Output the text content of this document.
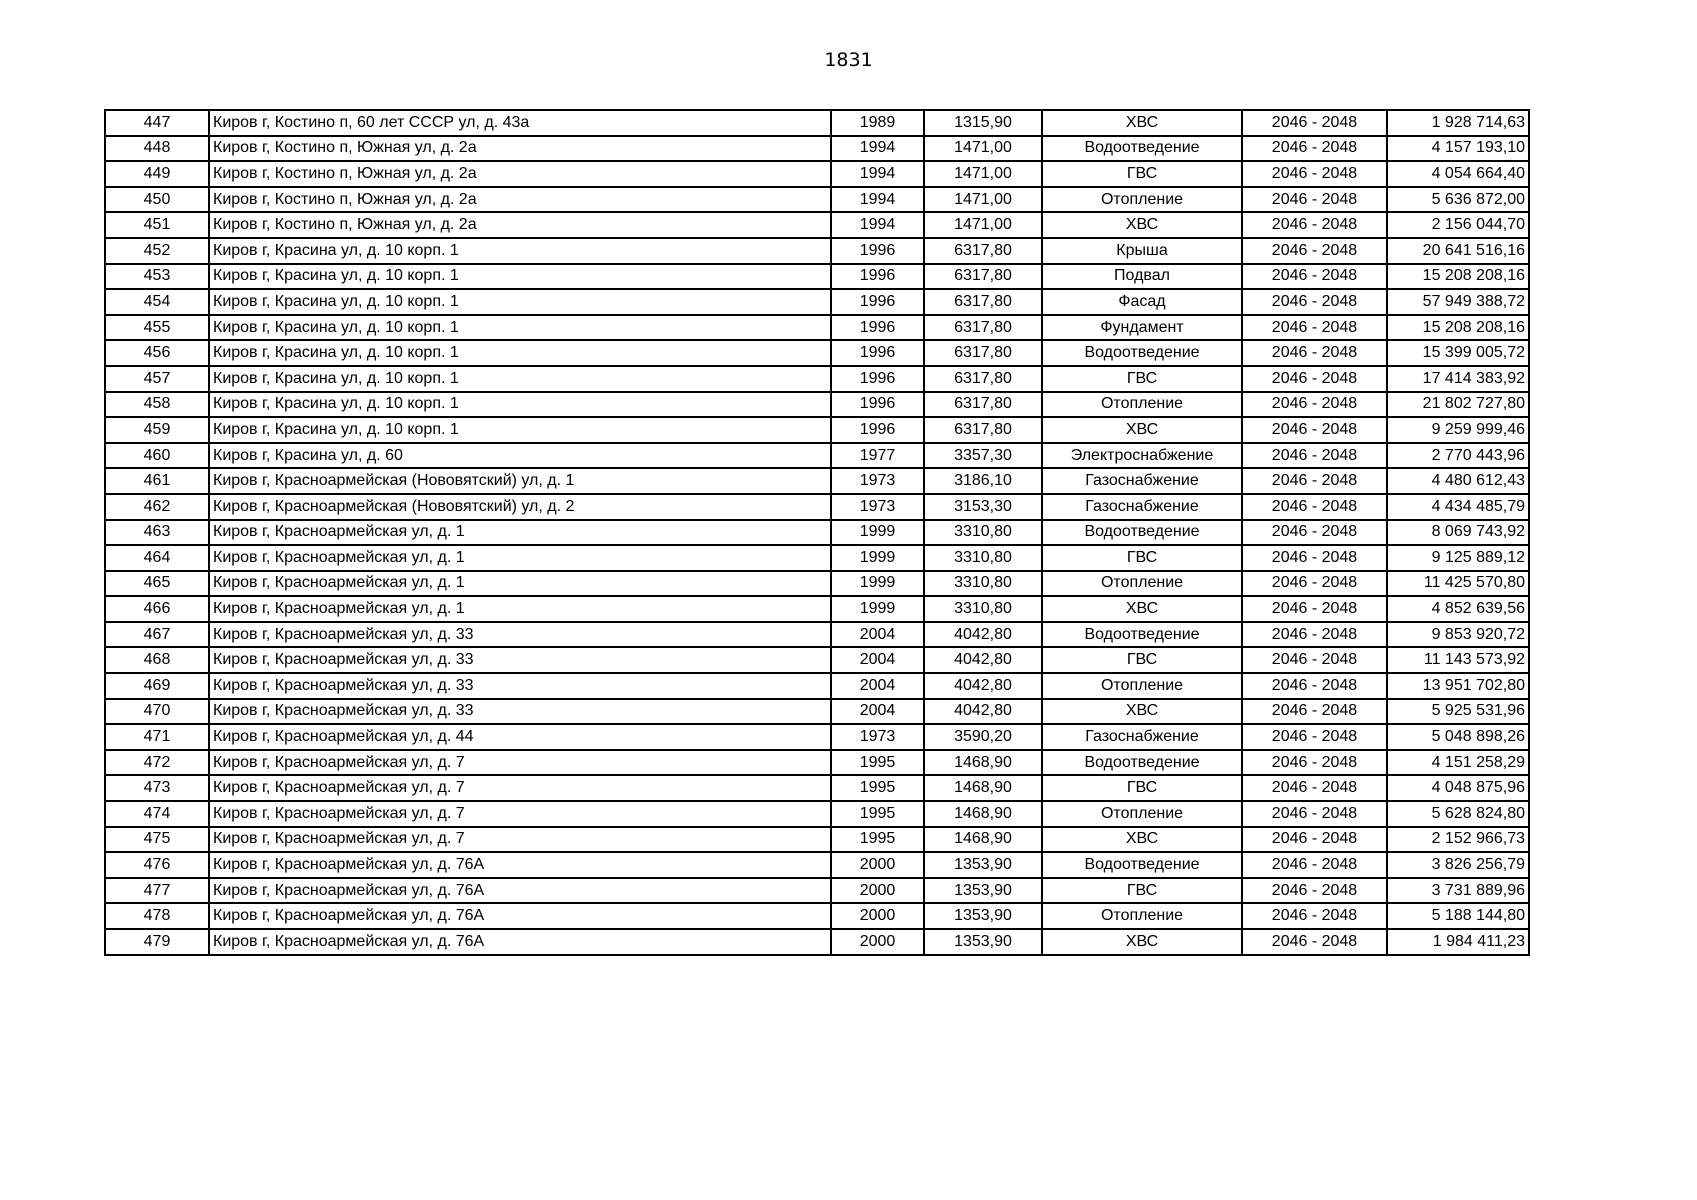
1831
447	Киров г, Костино п, 60 лет СССР ул, д. 43а	1989	1315,90	ХВС	2046 - 2048	1 928 714,63
448	Киров г, Костино п, Южная ул, д. 2а	1994	1471,00	Водоотведение	2046 - 2048	4 157 193,10
449	Киров г, Костино п, Южная ул, д. 2а	1994	1471,00	ГВС	2046 - 2048	4 054 664,40
450	Киров г, Костино п, Южная ул, д. 2а	1994	1471,00	Отопление	2046 - 2048	5 636 872,00
451	Киров г, Костино п, Южная ул, д. 2а	1994	1471,00	ХВС	2046 - 2048	2 156 044,70
452	Киров г, Красина ул, д. 10 корп. 1	1996	6317,80	Крыша	2046 - 2048	20 641 516,16
453	Киров г, Красина ул, д. 10 корп. 1	1996	6317,80	Подвал	2046 - 2048	15 208 208,16
454	Киров г, Красина ул, д. 10 корп. 1	1996	6317,80	Фасад	2046 - 2048	57 949 388,72
455	Киров г, Красина ул, д. 10 корп. 1	1996	6317,80	Фундамент	2046 - 2048	15 208 208,16
456	Киров г, Красина ул, д. 10 корп. 1	1996	6317,80	Водоотведение	2046 - 2048	15 399 005,72
457	Киров г, Красина ул, д. 10 корп. 1	1996	6317,80	ГВС	2046 - 2048	17 414 383,92
458	Киров г, Красина ул, д. 10 корп. 1	1996	6317,80	Отопление	2046 - 2048	21 802 727,80
459	Киров г, Красина ул, д. 10 корп. 1	1996	6317,80	ХВС	2046 - 2048	9 259 999,46
460	Киров г, Красина ул, д. 60	1977	3357,30	Электроснабжение	2046 - 2048	2 770 443,96
461	Киров г, Красноармейская (Нововятский) ул, д. 1	1973	3186,10	Газоснабжение	2046 - 2048	4 480 612,43
462	Киров г, Красноармейская (Нововятский) ул, д. 2	1973	3153,30	Газоснабжение	2046 - 2048	4 434 485,79
463	Киров г, Красноармейская ул, д. 1	1999	3310,80	Водоотведение	2046 - 2048	8 069 743,92
464	Киров г, Красноармейская ул, д. 1	1999	3310,80	ГВС	2046 - 2048	9 125 889,12
465	Киров г, Красноармейская ул, д. 1	1999	3310,80	Отопление	2046 - 2048	11 425 570,80
466	Киров г, Красноармейская ул, д. 1	1999	3310,80	ХВС	2046 - 2048	4 852 639,56
467	Киров г, Красноармейская ул, д. 33	2004	4042,80	Водоотведение	2046 - 2048	9 853 920,72
468	Киров г, Красноармейская ул, д. 33	2004	4042,80	ГВС	2046 - 2048	11 143 573,92
469	Киров г, Красноармейская ул, д. 33	2004	4042,80	Отопление	2046 - 2048	13 951 702,80
470	Киров г, Красноармейская ул, д. 33	2004	4042,80	ХВС	2046 - 2048	5 925 531,96
471	Киров г, Красноармейская ул, д. 44	1973	3590,20	Газоснабжение	2046 - 2048	5 048 898,26
472	Киров г, Красноармейская ул, д. 7	1995	1468,90	Водоотведение	2046 - 2048	4 151 258,29
473	Киров г, Красноармейская ул, д. 7	1995	1468,90	ГВС	2046 - 2048	4 048 875,96
474	Киров г, Красноармейская ул, д. 7	1995	1468,90	Отопление	2046 - 2048	5 628 824,80
475	Киров г, Красноармейская ул, д. 7	1995	1468,90	ХВС	2046 - 2048	2 152 966,73
476	Киров г, Красноармейская ул, д. 76А	2000	1353,90	Водоотведение	2046 - 2048	3 826 256,79
477	Киров г, Красноармейская ул, д. 76А	2000	1353,90	ГВС	2046 - 2048	3 731 889,96
478	Киров г, Красноармейская ул, д. 76А	2000	1353,90	Отопление	2046 - 2048	5 188 144,80
479	Киров г, Красноармейская ул, д. 76А	2000	1353,90	ХВС	2046 - 2048	1 984 411,23
